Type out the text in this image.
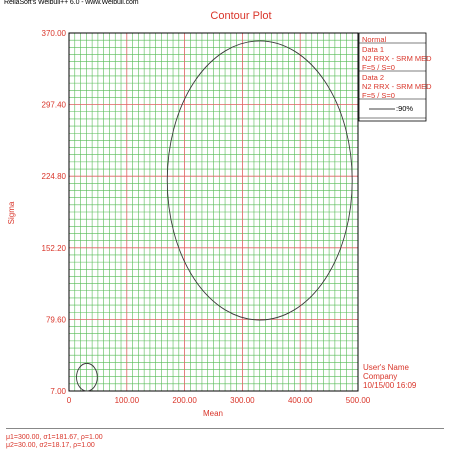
ReliaSoft's Weibull++ 6.0 - www.Weibull.com
Contour Plot
0	100.00	200.00	300.00	400.00	500.00
7.00
79.60
152.20
224.80
297.40
370.00
Mean
Sigma
Normal
Data 1
N2 RRX - SRM MED
F=5 / S=0
Data 2
N2 RRX - SRM MED
F=5 / S=0
:90%
User's Name
Company
10/15/00 16:09
μ1=300.00, σ1=181.67, ρ=1.00
μ2=30.00, σ2=18.17, ρ=1.00
